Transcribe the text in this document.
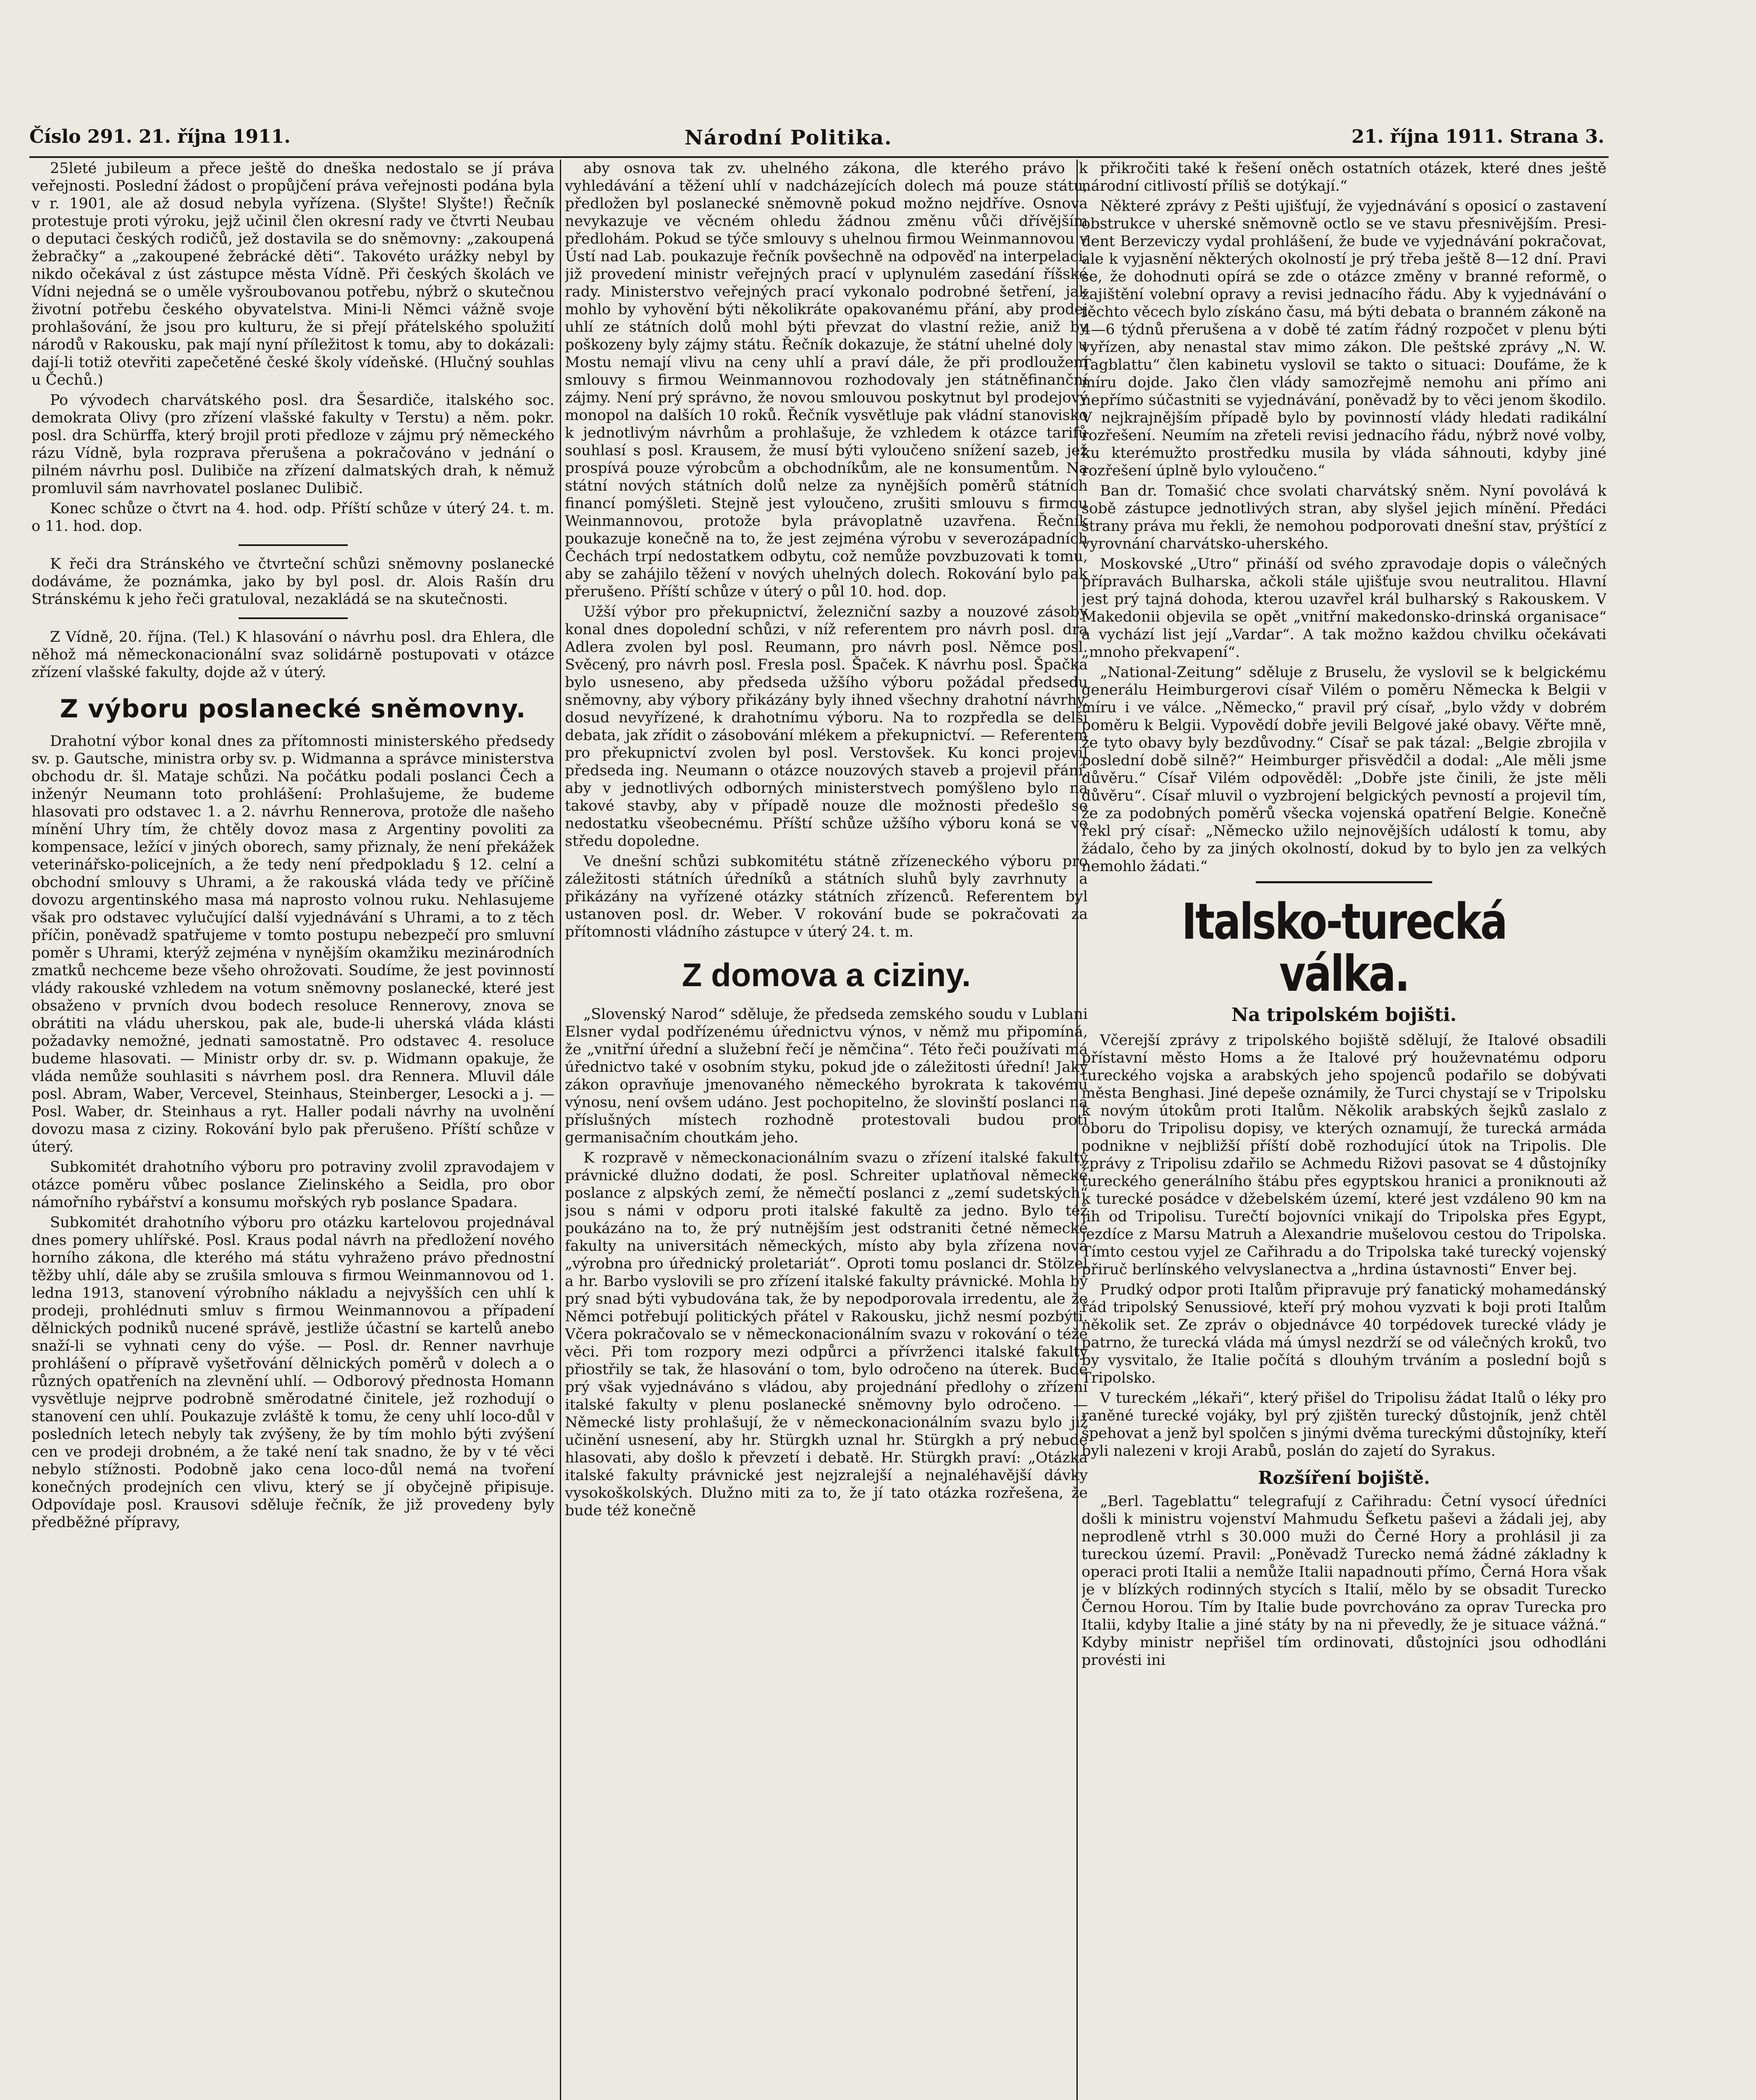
Číslo 291. 21. října 1911.	Národní Politika.	21. října 1911. Strana 3.

25leté jubileum a přece ještě do dneška nedostalo se jí práva veřejnosti. Poslední žádost o propůjčení práva veřejnosti podána byla v r. 1901, ale až dosud nebyla vyřízena. (Slyšte! Slyšte!) Řečník protestuje proti výroku, jejž učinil člen okresní rady ve čtvrti Neubau o deputaci českých rodičů, jež dostavila se do sněmovny: „zakoupená žebračky“ a „zakoupené žebrácké děti“. Takovéto urážky nebyl by nikdo očekával z úst zástupce města Vídně. Při českých školách ve Vídni nejedná se o uměle vyšroubovanou potřebu, nýbrž o skutečnou životní potřebu českého obyvatelstva. Mini-li Němci vážně svoje prohlašování, že jsou pro kulturu, že si přejí přátelského spolužití národů v Rakousku, pak mají nyní příležitost k tomu, aby to dokázali: dají-li totiž otevřiti zapečetěné české školy vídeňské. (Hlučný souhlas u Čechů.)

Po vývodech charvátského posl. dra Šesardiče, italského soc. demokrata Olivy (pro zřízení vlašské fakulty v Terstu) a něm. pokr. posl. dra Schürffa, který brojil proti předloze v zájmu prý německého rázu Vídně, byla rozprava přerušena a pokračováno v jednání o pilném návrhu posl. Dulibiče na zřízení dalmatských drah, k němuž promluvil sám navrhovatel poslanec Dulibič.

Konec schůze o čtvrt na 4. hod. odp. Příští schůze v úterý 24. t. m. o 11. hod. dop.

K řeči dra Stránského ve čtvrteční schůzi sněmovny poslanecké dodáváme, že poznámka, jako by byl posl. dr. Alois Rašín dru Stránskému k jeho řeči gratuloval, nezakládá se na skutečnosti.

Z Vídně, 20. října. (Tel.) K hlasování o návrhu posl. dra Ehlera, dle něhož má německonacionální svaz solidárně postupovati v otázce zřízení vlašské fakulty, dojde až v úterý.

Z výboru poslanecké sněmovny.

Drahotní výbor konal dnes za přítomnosti ministerského předsedy sv. p. Gautsche, ministra orby sv. p. Widmanna a správce ministerstva obchodu dr. šl. Mataje schůzi. Na počátku podali poslanci Čech a inženýr Neumann toto prohlášení: Prohlašujeme, že budeme hlasovati pro odstavec 1. a 2. návrhu Rennerova, protože dle našeho mínění Uhry tím, že chtěly dovoz masa z Argentiny povoliti za kompensace, ležící v jiných oborech, samy přiznaly, že není překážek veterinářsko-policejních, a že tedy není předpokladu § 12. celní a obchodní smlouvy s Uhrami, a že rakouská vláda tedy ve příčině dovozu argentinského masa má naprosto volnou ruku. Nehlasujeme však pro odstavec vylučující další vyjednávání s Uhrami, a to z těch příčin, poněvadž spatřujeme v tomto postupu nebezpečí pro smluvní poměr s Uhrami, kterýž zejména v nynějším okamžiku mezinárodních zmatků nechceme beze všeho ohrožovati. Soudíme, že jest povinností vlády rakouské vzhledem na votum sněmovny poslanecké, které jest obsaženo v prvních dvou bodech resoluce Rennerovy, znova se obrátiti na vládu uherskou, pak ale, bude-li uherská vláda klásti požadavky nemožné, jednati samostatně. Pro odstavec 4. resoluce budeme hlasovati. — Ministr orby dr. sv. p. Widmann opakuje, že vláda nemůže souhlasiti s návrhem posl. dra Rennera. Mluvil dále posl. Abram, Waber, Vercevel, Steinhaus, Steinberger, Lesocki a j. — Posl. Waber, dr. Steinhaus a ryt. Haller podali návrhy na uvolnění dovozu masa z ciziny. Rokování bylo pak přerušeno. Příští schůze v úterý.

Subkomitét drahotního výboru pro potraviny zvolil zpravodajem v otázce poměru vůbec poslance Zielinského a Seidla, pro obor námořního rybářství a konsumu mořských ryb poslance Spadara.

Subkomitét drahotního výboru pro otázku kartelovou projednával dnes pomery uhlířské. Posl. Kraus podal návrh na předložení nového horního zákona, dle kterého má státu vyhraženo právo přednostní těžby uhlí, dále aby se zrušila smlouva s firmou Weinmannovou od 1. ledna 1913, stanovení výrobního nákladu a nejvyšších cen uhlí k prodeji, prohlédnuti smluv s firmou Weinmannovou a případení dělnických podniků nucené správě, jestliže účastní se kartelů anebo snaží-li se vyhnati ceny do výše. — Posl. dr. Renner navrhuje prohlášení o přípravě vyšetřování dělnických poměrů v dolech a o různých opatřeních na zlevnění uhlí. — Odborový přednosta Homann vysvětluje nejprve podrobně směrodatné činitele, jež rozhodují o stanovení cen uhlí. Poukazuje zvláště k tomu, že ceny uhlí loco-důl v posledních letech nebyly tak zvýšeny, že by tím mohlo býti zvýšení cen ve prodeji drobném, a že také není tak snadno, že by v té věci nebylo stížnosti. Podobně jako cena loco-důl nemá na tvoření konečných prodejních cen vlivu, který se jí obyčejně připisuje. Odpovídaje posl. Krausovi sděluje řečník, že již provedeny byly předběžné přípravy,

aby osnova tak zv. uhelného zákona, dle kterého právo k vyhledávání a těžení uhlí v nadcházejících dolech má pouze státu, předložen byl poslanecké sněmovně pokud možno nejdříve. Osnova nevykazuje ve věcném ohledu žádnou změnu vůči dřívějším předlohám. Pokud se týče smlouvy s uhelnou firmou Weinmannovou v Ústí nad Lab. poukazuje řečník povšechně na odpověď na interpelaci, již provedení ministr veřejných prací v uplynulém zasedání říšské rady. Ministerstvo veřejných prací vykonalo podrobné šetření, jak mohlo by vyhovění býti několikráte opakovanému přání, aby prodej uhlí ze státních dolů mohl býti převzat do vlastní režie, aniž by poškozeny byly zájmy státu. Řečník dokazuje, že státní uhelné doly u Mostu nemají vlivu na ceny uhlí a praví dále, že při prodloužení smlouvy s firmou Weinmannovou rozhodovaly jen státněfinanční zájmy. Není prý správno, že novou smlouvou poskytnut byl prodejový monopol na dalších 10 roků. Řečník vysvětluje pak vládní stanovisko k jednotlivým návrhům a prohlašuje, že vzhledem k otázce tarifů souhlasí s posl. Krausem, že musí býti vyloučeno snížení sazeb, jež prospívá pouze výrobcům a obchodníkům, ale ne konsumentům. Na státní nových státních dolů nelze za nynějších poměrů státních financí pomýšleti. Stejně jest vyloučeno, zrušiti smlouvu s firmou Weinmannovou, protože byla právoplatně uzavřena. Řečník poukazuje konečně na to, že jest zejména výrobu v severozápadních Čechách trpí nedostatkem odbytu, což nemůže povzbuzovati k tomu, aby se zahájilo těžení v nových uhelných dolech. Rokování bylo pak přerušeno. Příští schůze v úterý o půl 10. hod. dop.

Užší výbor pro překupnictví, železniční sazby a nouzové zásoby konal dnes dopolední schůzi, v níž referentem pro návrh posl. dra Adlera zvolen byl posl. Reumann, pro návrh posl. Němce posl. Svěcený, pro návrh posl. Fresla posl. Špaček. K návrhu posl. Špačka bylo usneseno, aby předseda užšího výboru požádal předsedu sněmovny, aby výbory přikázány byly ihned všechny drahotní návrhy, dosud nevyřízené, k drahotnímu výboru. Na to rozpředla se delší debata, jak zřídit o zásobování mlékem a překupnictví. — Referentem pro překupnictví zvolen byl posl. Verstovšek. Ku konci projevil předseda ing. Neumann o otázce nouzových staveb a projevil přání, aby v jednotlivých odborných ministerstvech pomýšleno bylo na takové stavby, aby v případě nouze dle možnosti předešlo se nedostatku všeobecnému. Příští schůze užšího výboru koná se ve středu dopoledne.

Ve dnešní schůzi subkomitétu státně zřízeneckého výboru pro záležitosti státních úředníků a státních sluhů byly zavrhnuty a přikázány na vyřízené otázky státních zřízenců. Referentem byl ustanoven posl. dr. Weber. V rokování bude se pokračovati za přítomnosti vládního zástupce v úterý 24. t. m.

Z domova a ciziny.

„Slovenský Narod“ sděluje, že předseda zemského soudu v Lublani Elsner vydal podřízenému úřednictvu výnos, v němž mu připomíná, že „vnitřní úřední a služební řečí je němčina“. Této řeči používati má úřednictvo také v osobním styku, pokud jde o záležitosti úřední! Jaký zákon opravňuje jmenovaného německého byrokrata k takovému výnosu, není ovšem udáno. Jest pochopitelno, že slovinští poslanci na příslušných místech rozhodně protestovali budou proti germanisačním choutkám jeho.

K rozpravě v německonacionálním svazu o zřízení italské fakulty právnické dlužno dodati, že posl. Schreiter uplatňoval německé poslance z alpských zemí, že němečtí poslanci z „zemí sudetských“ jsou s námi v odporu proti italské fakultě za jedno. Bylo též poukázáno na to, že prý nutnějším jest odstraniti četné německé fakulty na universitách německých, místo aby byla zřízena nová „výrobna pro úřednický proletariát“. Oproti tomu poslanci dr. Stölzel a hr. Barbo vyslovili se pro zřízení italské fakulty právnické. Mohla by prý snad býti vybudována tak, že by nepodporovala irredentu, ale že Němci potřebují politických přátel v Rakousku, jichž nesmí pozbýti. Včera pokračovalo se v německonacionálním svazu v rokování o téže věci. Při tom rozpory mezi odpůrci a přívrženci italské fakulty přiostřily se tak, že hlasování o tom, bylo odročeno na úterek. Bude prý však vyjednáváno s vládou, aby projednání předlohy o zřízení italské fakulty v plenu poslanecké sněmovny bylo odročeno. — Německé listy prohlašují, že v německonacionálním svazu bylo již učinění usnesení, aby hr. Stürgkh uznal hr. Stürgkh a prý nebude hlasovati, aby došlo k převzetí i debatě. Hr. Stürgkh praví: „Otázka italské fakulty právnické jest nejzralejší a nejnaléhavější dávky vysokoškolských. Dlužno miti za to, že jí tato otázka rozřešena, že bude též konečně

přikročiti také k řešení oněch ostatních otázek, které dnes ještě národní citlivostí příliš se dotýkají.“

Některé zprávy z Pešti ujišťují, že vyjednávání s oposicí o zastavení obstrukce v uherské sněmovně octlo se ve stavu přesnivějším. President Berzeviczy vydal prohlášení, že bude ve vyjednávání pokračovat, ale k vyjasnění některých okolností je prý třeba ještě 8—12 dní. Pravi se, že dohodnuti opírá se zde o otázce změny v branné reformě, o zajištění volební opravy a revisi jednacího řádu. Aby k vyjednávání o těchto věcech bylo získáno času, má býti debata o branném zákoně na 4—6 týdnů přerušena a v době té zatím řádný rozpočet v plenu býti vyřízen, aby nenastal stav mimo zákon. Dle peštské zprávy „N. W. Tagblattu“ člen kabinetu vyslovil se takto o situaci: Doufáme, že k míru dojde. Jako člen vlády samozřejmě nemohu ani přímo ani nepřímo súčastniti se vyjednávání, poněvadž by to věci jenom škodilo. V nejkrajnějším případě bylo by povinností vlády hledati radikální rozřešení. Neumím na zřeteli revisi jednacího řádu, nýbrž nové volby, ku kterémužto prostředku musila by vláda sáhnouti, kdyby jiné rozřešení úplně bylo vyloučeno.“

Ban dr. Tomašić chce svolati charvátský sněm. Nyní povolává k sobě zástupce jednotlivých stran, aby slyšel jejich mínění. Předáci strany práva mu řekli, že nemohou podporovati dnešní stav, prýštící z vyrovnání charvátsko-uherského.

Moskovské „Utro“ přináší od svého zpravodaje dopis o válečných přípravách Bulharska, ačkoli stále ujišťuje svou neutralitou. Hlavní jest prý tajná dohoda, kterou uzavřel král bulharský s Rakouskem. V Makedonii objevila se opět „vnitřní makedonsko-drinská organisace“ a vychází list její „Vardar“. A tak možno každou chvilku očekávati „mnoho překvapení“.

„National-Zeitung“ sděluje z Bruselu, že vyslovil se k belgickému generálu Heimburgerovi císař Vilém o poměru Německa k Belgii v míru i ve válce. „Německo,“ pravil prý císař, „bylo vždy v dobrém poměru k Belgii. Vypovědí dobře jevili Belgové jaké obavy. Věřte mně, že tyto obavy byly bezdůvodny.“ Císař se pak tázal: „Belgie zbrojila v poslední době silně?“ Heimburger přisvědčil a dodal: „Ale měli jsme důvěru.“ Císař Vilém odpověděl: „Dobře jste činili, že jste měli důvěru“. Císař mluvil o vyzbrojení belgických pevností a projevil tím, že za podobných poměrů všecka vojenská opatření Belgie. Konečně řekl prý císař: „Německo užilo nejnovějších událostí k tomu, aby žádalo, čeho by za jiných okolností, dokud by to bylo jen za velkých nemohlo žádati.“

Italsko-turecká válka.
Na tripolském bojišti.

Včerejší zprávy z tripolského bojiště sdělují, že Italové obsadili přístavní město Homs a že Italové prý houževnatému odporu tureckého vojska a arabských jeho spojenců podařilo se dobývati města Benghasi. Jiné depeše oznámily, že Turci chystají se v Tripolsku k novým útokům proti Italům. Několik arabských šejků zaslalo z oboru do Tripolisu dopisy, ve kterých oznamují, že turecká armáda podnikne v nejbližší příští době rozhodující útok na Tripolis. Dle zprávy z Tripolisu zdařilo se Achmedu Rižovi pasovat se 4 důstojníky tureckého generálního štábu přes egyptskou hranici a proniknouti až k turecké posádce v džebelském území, které jest vzdáleno 90 km na jih od Tripolisu. Turečtí bojovníci vnikají do Tripolska přes Egypt, jezdíce z Marsu Matruh a Alexandrie mušelovou cestou do Tripolska. Tímto cestou vyjel ze Cařihradu a do Tripolska také turecký vojenský přiruč berlínského velvyslanectva a „hrdina ústavnosti“ Enver bej.

Prudký odpor proti Italům připravuje prý fanatický mohamedánský řád tripolský Senussiové, kteří prý mohou vyzvati k boji proti Italům několik set. Ze zpráv o objednávce 40 torpédovek turecké vlády je patrno, že turecká vláda má úmysl nezdrží se od válečných kroků, tvo by vysvitalo, že Italie počítá s dlouhým trváním a poslední bojů s Tripolsko.

V tureckém „lékaři“, který přišel do Tripolisu žádat Italů o léky pro raněné turecké vojáky, byl prý zjištěn turecký důstojník, jenž chtěl špehovat a jenž byl spolčen s jinými dvěma tureckými důstojníky, kteří byli nalezeni v kroji Arabů, poslán do zajetí do Syrakus.

Rozšíření bojiště.

„Berl. Tageblattu“ telegrafují z Cařihradu: Četní vysocí úředníci došli k ministru vojenství Mahmudu Šefketu paševi a žádali jej, aby neprodleně vtrhl s 30.000 muži do Černé Hory a prohlásil ji za tureckou území. Pravil: „Poněvadž Turecko nemá žádné základny k operaci proti Italii a nemůže Italii napadnouti přímo, Černá Hora však je v blízkých rodinných stycích s Italií, mělo by se obsadit Turecko Černou Horou. Tím by Italie bude povrchováno za oprav Turecka pro Italii, kdyby Italie a jiné státy by na ni převedly, že je situace vážná.“ Kdyby ministr nepřišel tím ordinovati, důstojníci jsou odhodláni provésti ini
